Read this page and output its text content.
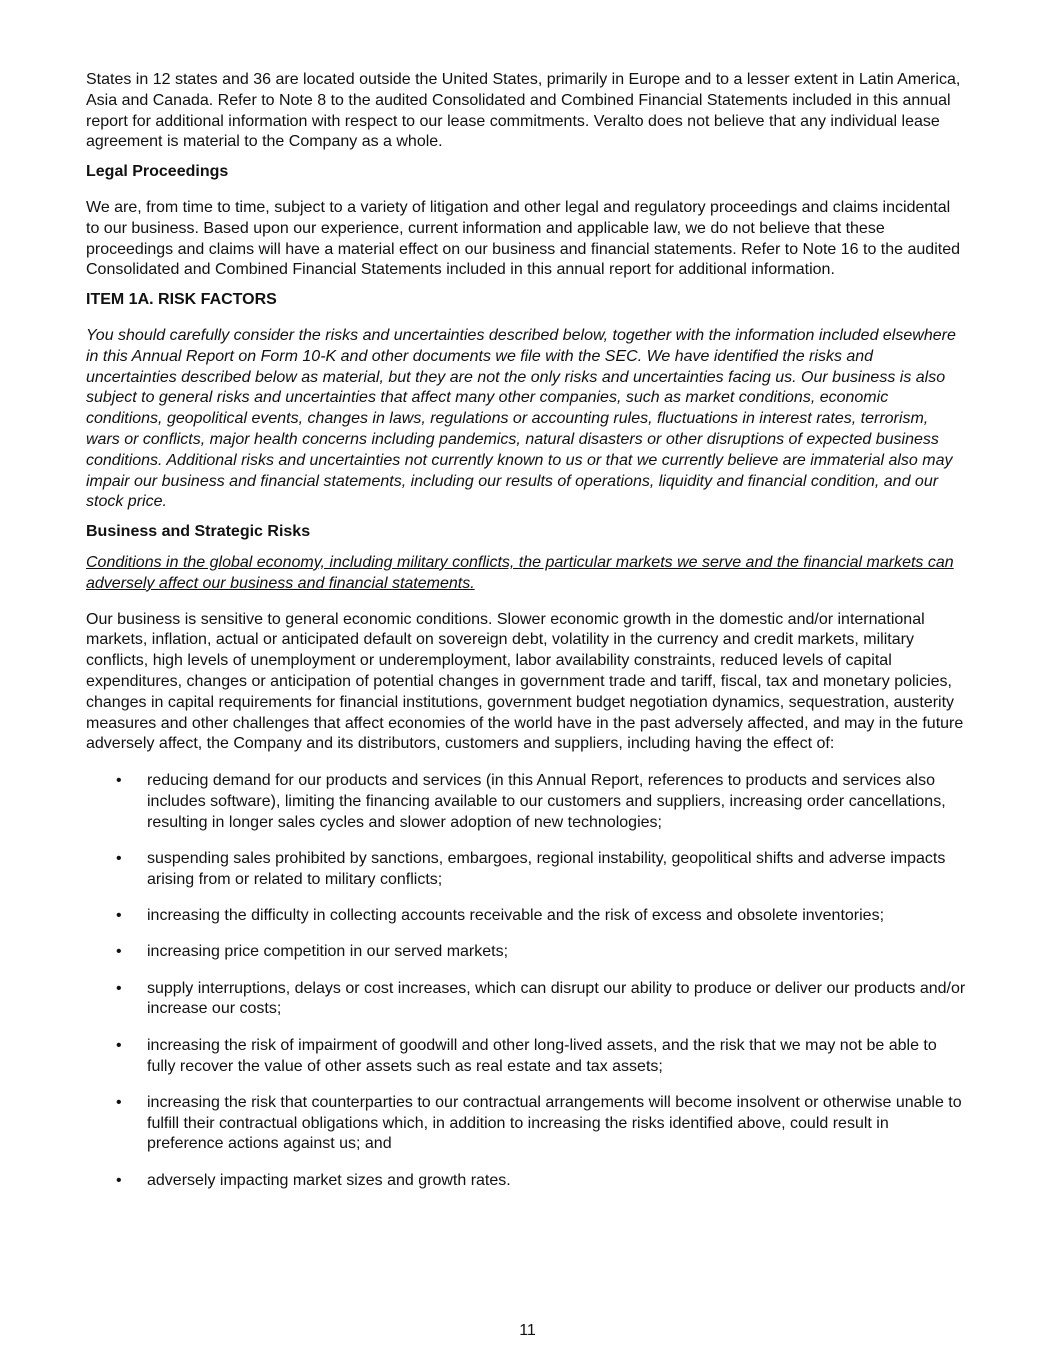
States in 12 states and 36 are located outside the United States, primarily in Europe and to a lesser extent in Latin America, Asia and Canada. Refer to Note 8 to the audited Consolidated and Combined Financial Statements included in this annual report for additional information with respect to our lease commitments. Veralto does not believe that any individual lease agreement is material to the Company as a whole.

Legal Proceedings

We are, from time to time, subject to a variety of litigation and other legal and regulatory proceedings and claims incidental to our business. Based upon our experience, current information and applicable law, we do not believe that these proceedings and claims will have a material effect on our business and financial statements. Refer to Note 16 to the audited Consolidated and Combined Financial Statements included in this annual report for additional information.

ITEM 1A. RISK FACTORS

You should carefully consider the risks and uncertainties described below, together with the information included elsewhere in this Annual Report on Form 10-K and other documents we file with the SEC. We have identified the risks and uncertainties described below as material, but they are not the only risks and uncertainties facing us. Our business is also subject to general risks and uncertainties that affect many other companies, such as market conditions, economic conditions, geopolitical events, changes in laws, regulations or accounting rules, fluctuations in interest rates, terrorism, wars or conflicts, major health concerns including pandemics, natural disasters or other disruptions of expected business conditions. Additional risks and uncertainties not currently known to us or that we currently believe are immaterial also may impair our business and financial statements, including our results of operations, liquidity and financial condition, and our stock price.

Business and Strategic Risks

Conditions in the global economy, including military conflicts, the particular markets we serve and the financial markets can adversely affect our business and financial statements.

Our business is sensitive to general economic conditions. Slower economic growth in the domestic and/or international markets, inflation, actual or anticipated default on sovereign debt, volatility in the currency and credit markets, military conflicts, high levels of unemployment or underemployment, labor availability constraints, reduced levels of capital expenditures, changes or anticipation of potential changes in government trade and tariff, fiscal, tax and monetary policies, changes in capital requirements for financial institutions, government budget negotiation dynamics, sequestration, austerity measures and other challenges that affect economies of the world have in the past adversely affected, and may in the future adversely affect, the Company and its distributors, customers and suppliers, including having the effect of:

• reducing demand for our products and services (in this Annual Report, references to products and services also includes software), limiting the financing available to our customers and suppliers, increasing order cancellations, resulting in longer sales cycles and slower adoption of new technologies;
• suspending sales prohibited by sanctions, embargoes, regional instability, geopolitical shifts and adverse impacts arising from or related to military conflicts;
• increasing the difficulty in collecting accounts receivable and the risk of excess and obsolete inventories;
• increasing price competition in our served markets;
• supply interruptions, delays or cost increases, which can disrupt our ability to produce or deliver our products and/or increase our costs;
• increasing the risk of impairment of goodwill and other long-lived assets, and the risk that we may not be able to fully recover the value of other assets such as real estate and tax assets;
• increasing the risk that counterparties to our contractual arrangements will become insolvent or otherwise unable to fulfill their contractual obligations which, in addition to increasing the risks identified above, could result in preference actions against us; and
• adversely impacting market sizes and growth rates.
11
